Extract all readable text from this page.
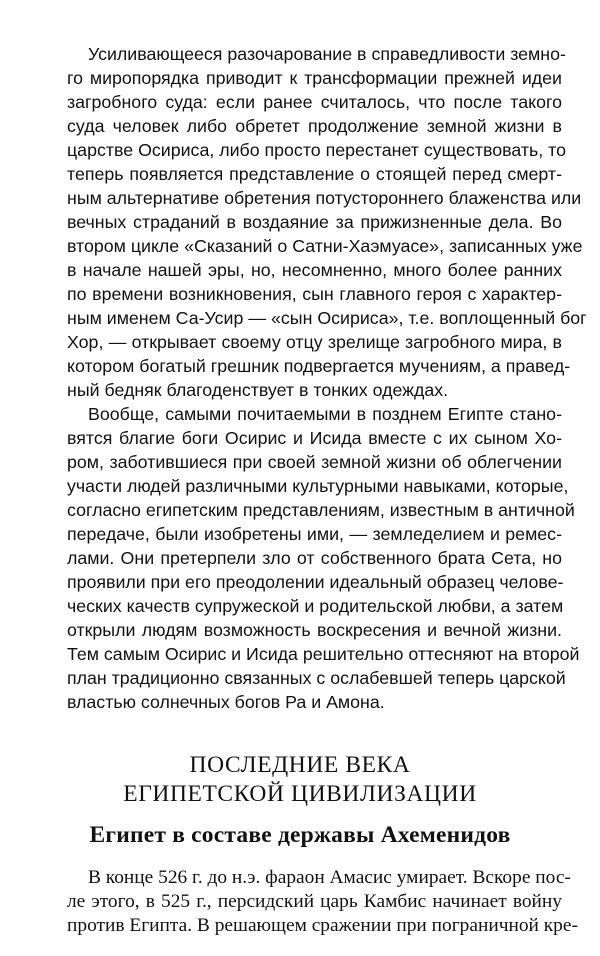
Усиливающееся разочарование в справедливости земно-
го миропорядка приводит к трансформации прежней идеи
загробного суда: если ранее считалось, что после такого
суда человек либо обретет продолжение земной жизни в
царстве Осириса, либо просто перестанет существовать, то
теперь появляется представление о стоящей перед смерт-
ным альтернативе обретения потустороннего блаженства или
вечных страданий в воздаяние за прижизненные дела. Во
втором цикле «Сказаний о Сатни-Хаэмуасе», записанных уже
в начале нашей эры, но, несомненно, много более ранних
по времени возникновения, сын главного героя с характер-
ным именем Са-Усир — «сын Осириса», т.е. воплощенный бог
Хор, — открывает своему отцу зрелище загробного мира, в
котором богатый грешник подвергается мучениям, а правед-
ный бедняк благоденствует в тонких одеждах.
Вообще, самыми почитаемыми в позднем Египте стано-
вятся благие боги Осирис и Исида вместе с их сыном Хо-
ром, заботившиеся при своей земной жизни об облегчении
участи людей различными культурными навыками, которые,
согласно египетским представлениям, известным в античной
передаче, были изобретены ими, — земледелием и ремес-
лами. Они претерпели зло от собственного брата Сета, но
проявили при его преодолении идеальный образец челове-
ческих качеств супружеской и родительской любви, а затем
открыли людям возможность воскресения и вечной жизни.
Тем самым Осирис и Исида решительно оттесняют на второй
план традиционно связанных с ослабевшей теперь царской
властью солнечных богов Ра и Амона.
ПОСЛЕДНИЕ ВЕКА
ЕГИПЕТСКОЙ ЦИВИЛИЗАЦИИ
Египет в составе державы Ахеменидов
В конце 526 г. до н.э. фараон Амасис умирает. Вскоре пос-
ле этого, в 525 г., персидский царь Камбис начинает войну
против Египта. В решающем сражении при пограничной кре-
